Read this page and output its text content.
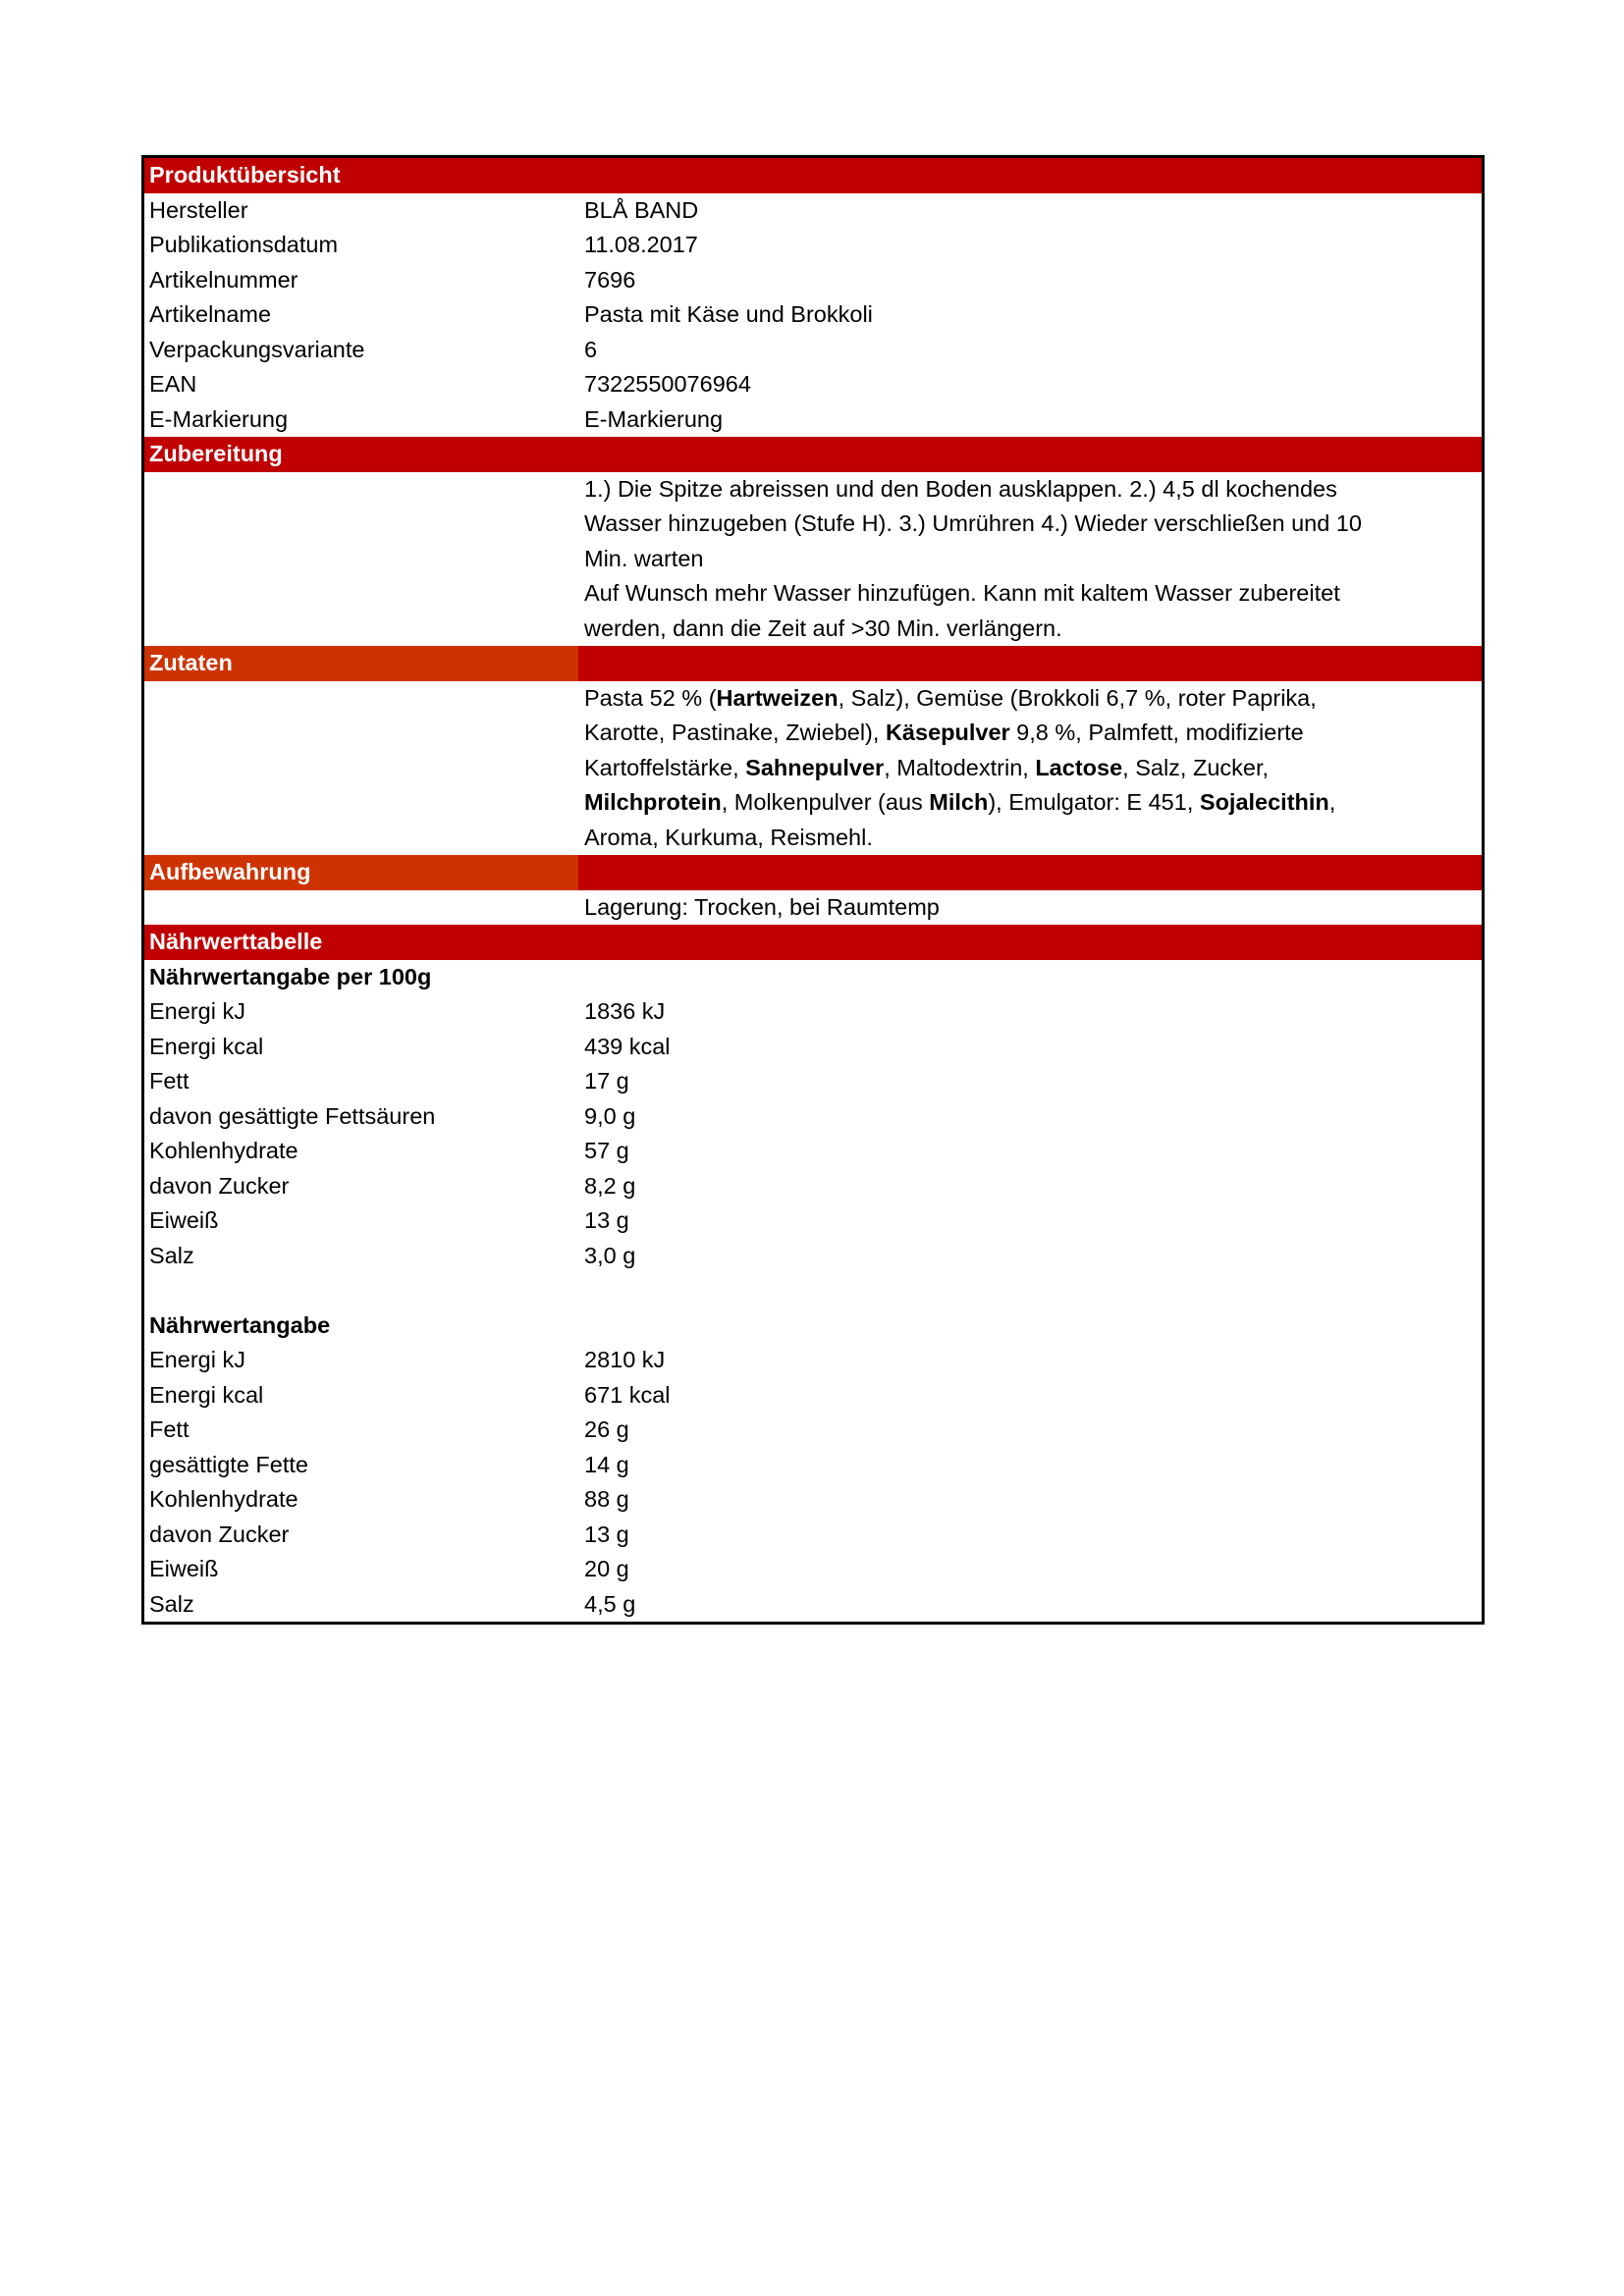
Produktübersicht
Hersteller	BLÅ BAND
Publikationsdatum	11.08.2017
Artikelnummer	7696
Artikelname	Pasta mit Käse und Brokkoli
Verpackungsvariante	6
EAN	7322550076964
E-Markierung	E-Markierung
Zubereitung
1.) Die Spitze abreissen und den Boden ausklappen. 2.) 4,5 dl kochendes Wasser hinzugeben (Stufe H). 3.) Umrühren 4.) Wieder verschließen und 10 Min. warten
Auf Wunsch mehr Wasser hinzufügen. Kann mit kaltem Wasser zubereitet werden, dann die Zeit auf >30 Min. verlängern.
Zutaten
Pasta 52 % (Hartweizen, Salz), Gemüse (Brokkoli 6,7 %, roter Paprika, Karotte, Pastinake, Zwiebel), Käsepulver 9,8 %, Palmfett, modifizierte Kartoffelstärke, Sahnepulver, Maltodextrin, Lactose, Salz, Zucker, Milchprotein, Molkenpulver (aus Milch), Emulgator: E 451, Sojalecithin, Aroma, Kurkuma, Reismehl.
Aufbewahrung
Lagerung: Trocken, bei Raumtemp
Nährwerttabelle
Nährwertangabe per 100g
Energi kJ	1836 kJ
Energi kcal	439 kcal
Fett	17 g
davon gesättigte Fettsäuren	9,0 g
Kohlenhydrate	57 g
davon Zucker	8,2 g
Eiweiß	13 g
Salz	3,0 g
Nährwertangabe
Energi kJ	2810 kJ
Energi kcal	671 kcal
Fett	26 g
gesättigte Fette	14 g
Kohlenhydrate	88 g
davon Zucker	13 g
Eiweiß	20 g
Salz	4,5 g
